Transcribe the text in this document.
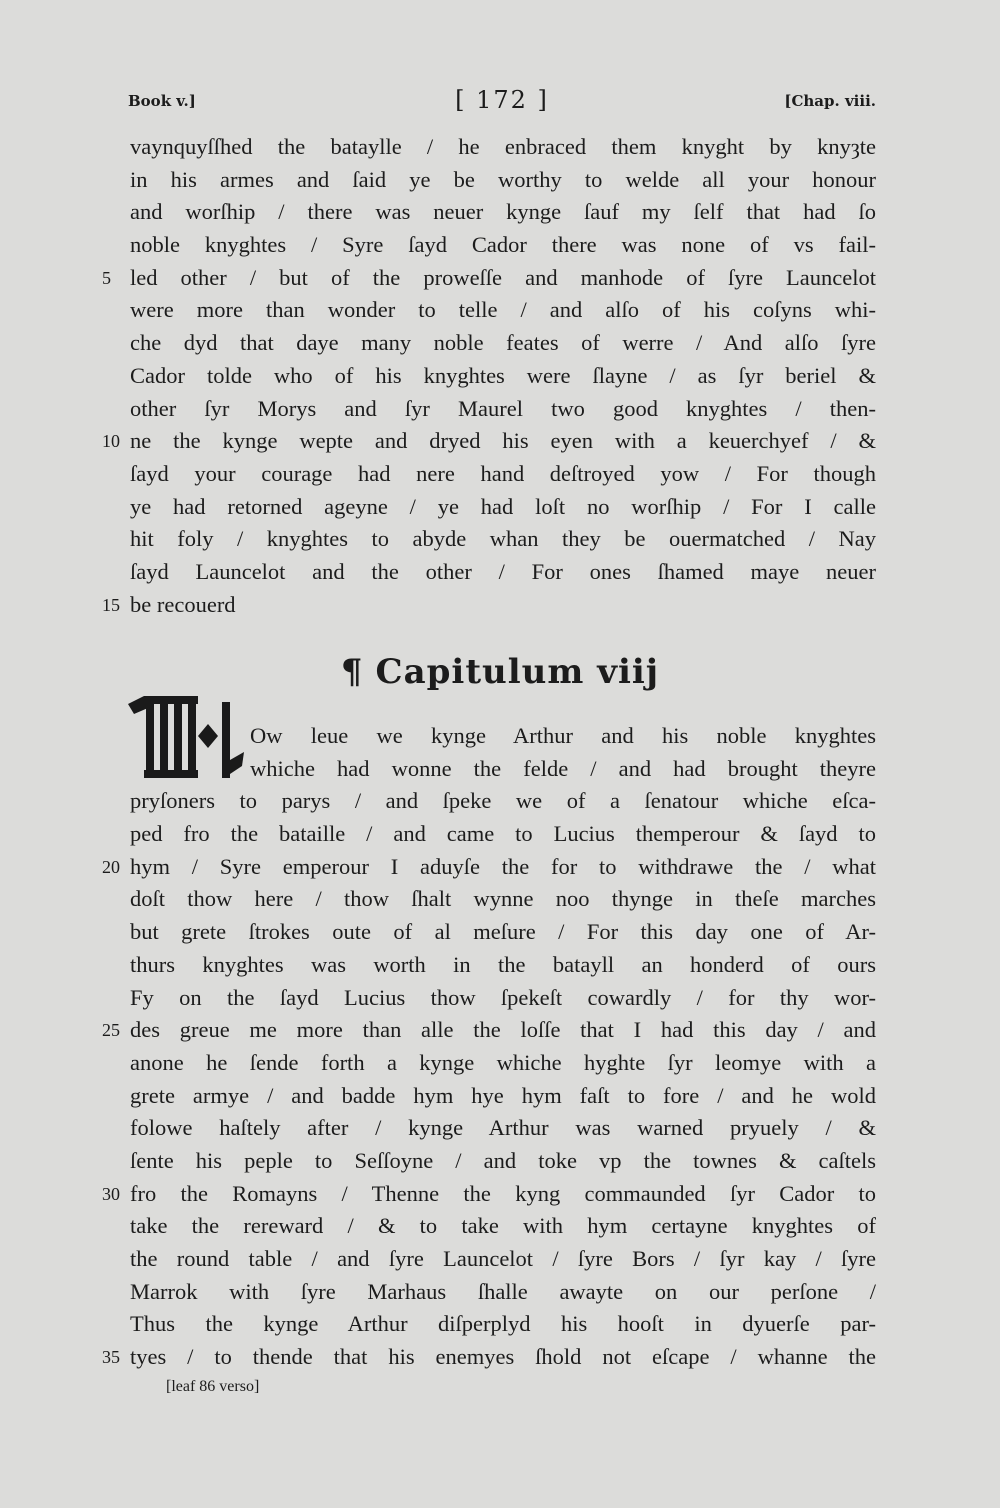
Book v.]	[ 172 ]	[Chap. viii.
vaynquyſſhed the bataylle / he enbraced them knyght by knyȝte
in his armes and ſaid ye be worthy to welde all your honour
and worſhip / there was neuer kynge ſauf my ſelf that had ſo
noble knyghtes / Syre ſayd Cador there was none of vs fail-
5 led other / but of the proweſſe and manhode of ſyre Launcelot
were more than wonder to telle / and alſo of his coſyns whi-
che dyd that daye many noble feates of werre / And alſo ſyre
Cador tolde who of his knyghtes were ſlayne / as ſyr beriel &
other ſyr Morys and ſyr Maurel two good knyghtes / then-
10 ne the kynge wepte and dryed his eyen with a keuerchyef / &
ſayd your courage had nere hand deſtroyed yow / For though
ye had retorned ageyne / ye had loſt no worſhip / For I calle
hit foly / knyghtes to abyde whan they be ouermatched / Nay
ſayd Launcelot and the other / For ones ſhamed maye neuer
15 be recouerd
¶ Capitulum viij
N
Ow leue we kynge Arthur and his noble knyghtes
whiche had wonne the felde / and had brought theyre
pryſoners to parys / and ſpeke we of a ſenatour whiche eſca-
ped fro the bataille / and came to Lucius themperour & ſayd to
20 hym / Syre emperour I aduyſe the for to withdrawe the / what
doſt thow here / thow ſhalt wynne noo thynge in theſe marches
but grete ſtrokes oute of al meſure / For this day one of Ar-
thurs knyghtes was worth in the batayll an honderd of ours
Fy on the ſayd Lucius thow ſpekeſt cowardly / for thy wor-
25 des greue me more than alle the loſſe that I had this day / and
anone he ſende forth a kynge whiche hyghte ſyr leomye with a
grete armye / and badde hym hye hym faſt to fore / and he wold
folowe haſtely after / kynge Arthur was warned pryuely / &
ſente his peple to Seſſoyne / and toke vp the townes & caſtels
30 fro the Romayns / Thenne the kyng commaunded ſyr Cador to
take the rereward / & to take with hym certayne knyghtes of
the round table / and ſyre Launcelot / ſyre Bors / ſyr kay / ſyre
Marrok with ſyre Marhaus ſhalle awayte on our perſone /
Thus the kynge Arthur diſperplyd his hooſt in dyuerſe par-
35 tyes / to thende that his enemyes ſhold not eſcape / whanne the
[leaf 86 verso]
